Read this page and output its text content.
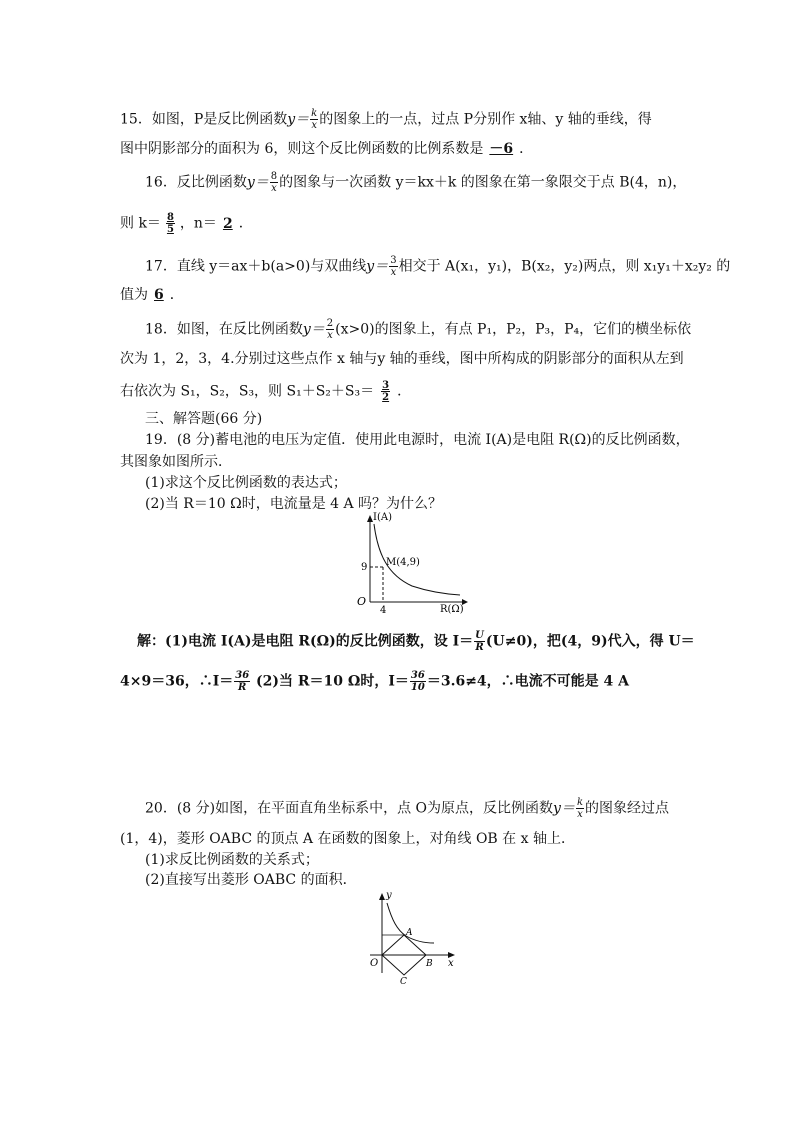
15．如图，P是反比例函数$y= \frac{k}{x}$ 的图象上的一点，过点 P分别作 x轴、y 轴的垂线，得
图中阴影部分的面积为 6，则这个反比例函数的比例系数是 －6 ．
16．反比例函数$y= \frac{8}{x}$ 的图象与一次函数 y＝kx＋k 的图象在第一象限交于点 B(4，n)，
则 $k= \frac{8}{5}$ ，n＝ 2 ．
17．直线 y＝ax＋b(a>0)与双曲线$y= \frac{3}{x}$ 相交于 A(x₁，y₁)，B(x₂，y₂)两点，则 x₁y₁＋x₂y₂ 的
值为 6 ．
18．如图，在反比例函数$y= \frac{2}{x} (x>0)$的图象上，有点 P₁，P₂，P₃，P₄，它们的横坐标依
次为 1，2，3，4.分别过这些点作 x 轴与y 轴的垂线，图中所构成的阴影部分的面积从左到
右依次为 S₁，S₂，S₃，则 $S_1+S_2+S_3= \frac{3}{2}$ ．
三、解答题(66 分)
19．(8 分)蓄电池的电压为定值．使用此电源时，电流 I(A)是电阻 R(Ω)的反比例函数，
其图象如图所示．
(1)求这个反比例函数的表达式；
(2)当 R＝10 Ω时，电流量是 4 A 吗？为什么？
I(A)
R(Ω)
O
9
4
M(4,9)
解：(1)电流 I(A)是电阻 R(Ω)的反比例函数，设 $I= \frac{U}{R} (U\ne 0)$，把(4，9)代入，得 U＝
4×9＝36，∴I＝ $\frac{36}{R} (2)$当 R＝10 Ω时，$I= \frac{36}{10} =3.6\ne 4$，∴电流不可能是 4 A
20．(8 分)如图，在平面直角坐标系中，点 O为原点，反比例函数$y= \frac{k}{x}$ 的图象经过点
(1，4)，菱形 OABC 的顶点 A 在函数的图象上，对角线 OB 在 x 轴上．
(1)求反比例函数的关系式；
(2)直接写出菱形 OABC 的面积．
y
x
O
A
B
C
